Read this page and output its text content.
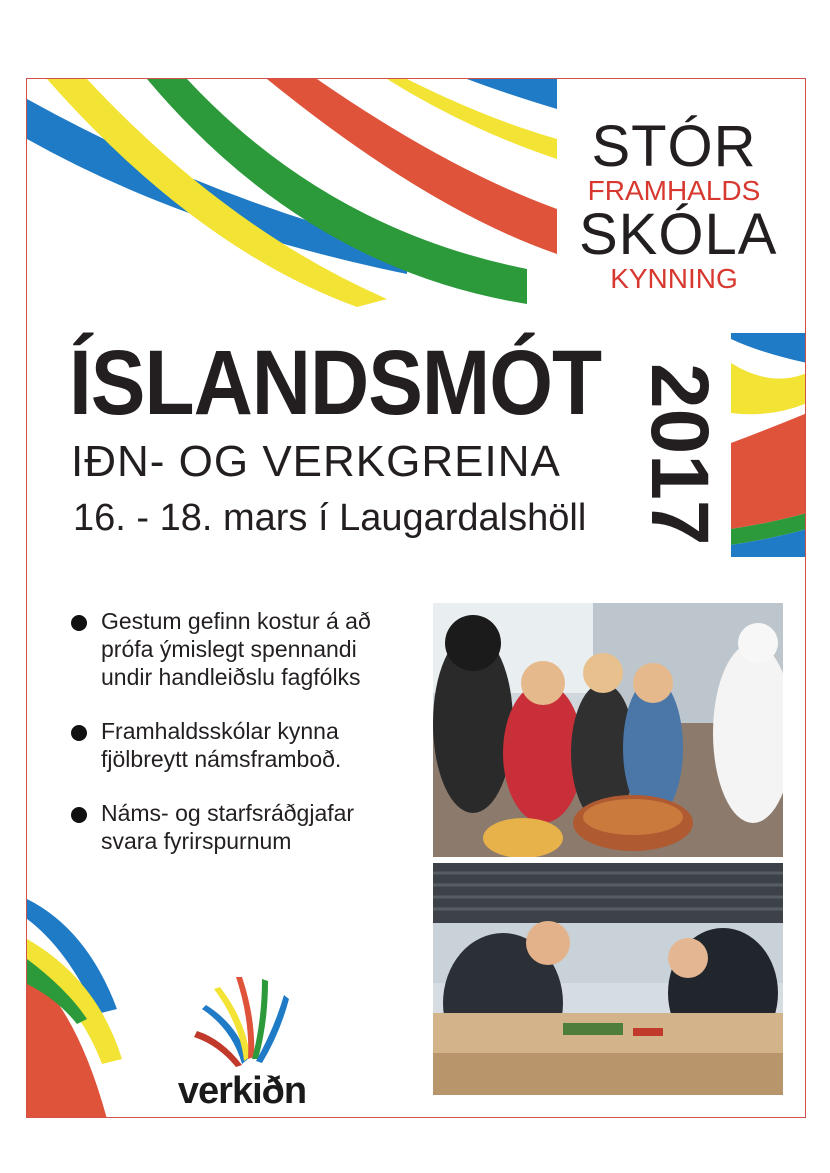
STÓR
FRAMHALDS
SKÓLA
KYNNING
ÍSLANDSMÓT
IÐN- OG VERKGREINA
16. - 18. mars í Laugardalshöll 2017
Gestum gefinn kostur á að
prófa ýmislegt spennandi
undir handleiðslu fagfólks
Framhaldsskólar kynna
fjölbreytt námsframboð.
Náms- og starfsráðgjafar
svara fyrirspurnum
verkiðn
